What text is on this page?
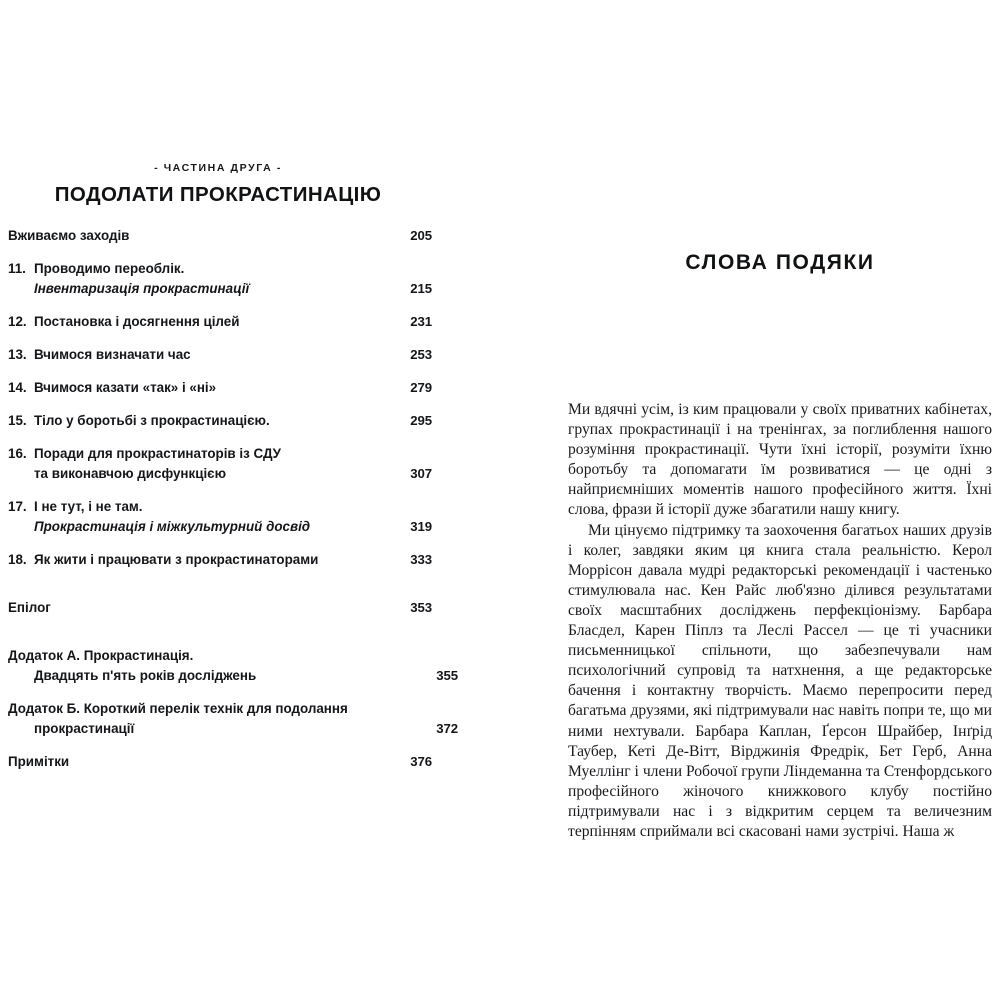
- ЧАСТИНА ДРУГА -
ПОДОЛАТИ ПРОКРАСТИНАЦІЮ
Вживаємо заходів . . .	205
11. Проводимо переоблік.
Інвентаризація прокрастинації . . .	215
12. Постановка і досягнення цілей . . .	231
13. Вчимося визначати час . . .	253
14. Вчимося казати «так» і «ні» . . .	279
15. Тіло у боротьбі з прокрастинацією. . . .	295
16. Поради для прокрастинаторів із СДУ
та виконавчою дисфункцією . . .	307
17. І не тут, і не там.
Прокрастинація і міжкультурний досвід . . .	319
18. Як жити і працювати з прокрастинаторами . . .	333
Епілог . . .	353
Додаток А. Прокрастинація.
Двадцять п'ять років досліджень . . .	355
Додаток Б. Короткий перелік технік для подолання
прокрастинації . . .	372
Примітки . . .	376
СЛОВА ПОДЯКИ

Ми вдячні усім, із ким працювали у своїх приватних кабінетах, групах прокрастинації і на тренінгах, за поглиблення нашого розуміння прокрастинації. Чути їхні історії, розуміти їхню боротьбу та допомагати їм розвиватися — це одні з найприємніших моментів нашого професійного життя. Їхні слова, фрази й історії дуже збагатили нашу книгу.

Ми цінуємо підтримку та заохочення багатьох наших друзів і колег, завдяки яким ця книга стала реальністю. Керол Моррісон давала мудрі редакторські рекомендації і частенько стимулювала нас. Кен Райс люб'язно ділився результатами своїх масштабних досліджень перфекціонізму. Барбара Бласдел, Карен Піплз та Леслі Рассел — це ті учасники письменницької спільноти, що забезпечували нам психологічний супровід та натхнення, а ще редакторське бачення і контактну творчість. Маємо перепросити перед багатьма друзями, які підтримували нас навіть попри те, що ми ними нехтували. Барбара Каплан, Ґерсон Шрайбер, Інґрід Таубер, Кеті Де-Вітт, Вірджинія Фредрік, Бет Герб, Анна Муеллінг і члени Робочої групи Ліндеманна та Стенфордського професійного жіночого книжкового клубу постійно підтримували нас і з відкритим серцем та величезним терпінням сприймали всі скасовані нами зустрічі. Наша ж
